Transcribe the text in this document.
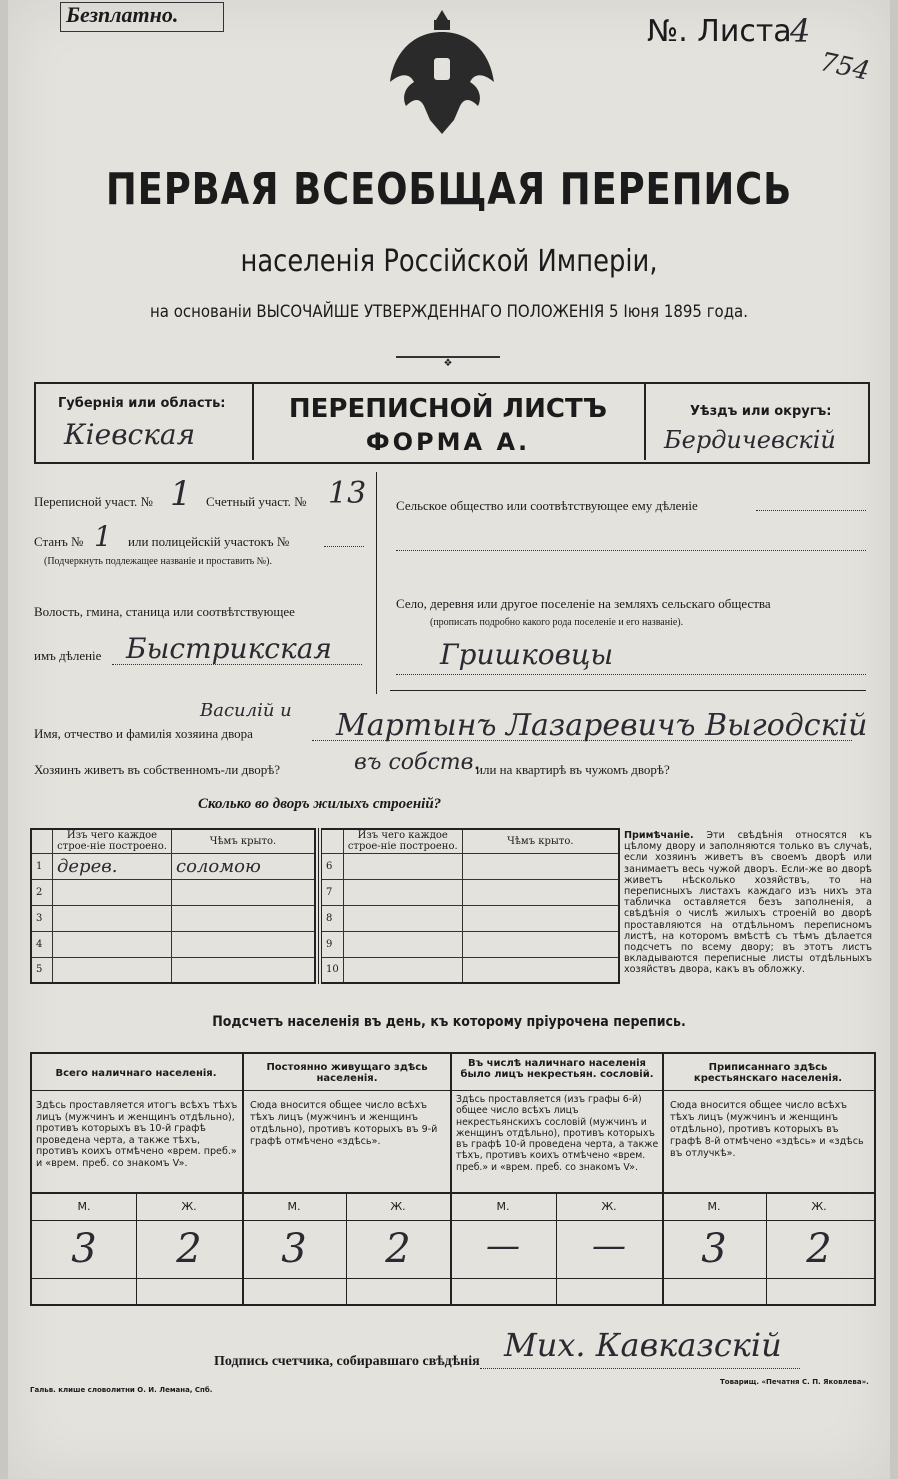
Безплатно.	№. Листа
4
754
ПЕРВАЯ ВСЕОБЩАЯ ПЕРЕПИСЬ
населенія Россійской Имперіи,
на основаніи ВЫСОЧАЙШЕ УТВЕРЖДЕННАГО ПОЛОЖЕНІЯ 5 Іюня 1895 года.
❖
Губернія или область:
Кіевская
ПЕРЕПИСНОЙ ЛИСТЪ
ФОРМА А.
Уѣздъ или округъ:
Бердичевскій
Переписной участ. № 1 Счетный участ. № 13
Станъ № 1 или полицейскій участокъ №
(Подчеркнуть подлежащее названіе и проставить №).
Волость, гмина, станица или соотвѣтствующее
имъ дѣленіе Быстрикская
Сельское общество или соотвѣтствующее ему дѣленіе
Село, деревня или другое поселеніе на земляхъ сельскаго общества
(прописать подробно какого рода поселеніе и его названіе).
Гришковцы
Василій и
Имя, отчество и фамилія хозяина двора	Мартынъ Лазаревичъ Выгодскій
Хозяинъ живетъ въ собственномъ-ли дворѣ?	въ собств.
или на квартирѣ въ чужомъ дворѣ?
Сколько во дворъ жилыхъ строеній?
	Изъ чего каждое строе-ніе построено.	Чѣмъ крыто.
1	дерев.	соломою
2		
3		
4		
5		
	Изъ чего каждое строе-ніе построено.	Чѣмъ крыто.
6		
7		
8		
9		
10		
Примѣчаніе. Эти свѣдѣнія относятся къ цѣлому двору и заполняются только въ случаѣ, если хозяинъ живетъ въ своемъ дворѣ или занимаетъ весь чужой дворъ. Если-же во дворѣ живетъ нѣсколько хозяйствъ, то на переписныхъ листахъ каждаго изъ нихъ эта табличка оставляется безъ заполненія, а свѣдѣнія о числѣ жилыхъ строеній во дворѣ проставляются на отдѣльномъ переписномъ листѣ, на которомъ вмѣстѣ съ тѣмъ дѣлается подсчетъ по всему двору; въ этотъ листъ вкладываются переписные листы отдѣльныхъ хозяйствъ двора, какъ въ обложку.
Подсчетъ населенія въ день, къ которому пріурочена перепись.
Всего наличнаго населенія.
Здѣсь проставляется итогъ всѣхъ тѣхъ лицъ (мужчинъ и женщинъ отдѣльно), противъ которыхъ въ 10-й графѣ проведена черта, а также тѣхъ, противъ коихъ отмѣчено «врем. преб.» и «врем. преб. со знакомъ V».
Постоянно живущаго здѣсь населенія.
Сюда вносится общее число всѣхъ тѣхъ лицъ (мужчинъ и женщинъ отдѣльно), противъ которыхъ въ 9-й графѣ отмѣчено «здѣсь».
Въ числѣ наличнаго населенія было лицъ некрестьян. сословій.
Здѣсь проставляется (изъ графы 6-й) общее число всѣхъ лицъ некрестьянскихъ сословій (мужчинъ и женщинъ отдѣльно), противъ которыхъ въ графѣ 10-й проведена черта, а также тѣхъ, противъ коихъ отмѣчено «врем. преб.» и «врем. преб. со знакомъ V».
Приписаннаго здѣсь крестьянскаго населенія.
Сюда вносится общее число всѣхъ тѣхъ лицъ (мужчинъ и женщинъ отдѣльно), противъ которыхъ въ графѣ 8-й отмѣчено «здѣсь» и «здѣсь въ отлучкѣ».
М.	Ж.	М.	Ж.	М.	Ж.	М.	Ж.
3	2	3	2	—	—	3	2
Подпись счетчика, собиравшаго свѣдѣнія Мих. Кавказскій
Гальв. клише словолитни О. И. Лемана, Спб.
Товарищ. «Печатня С. П. Яковлева».
